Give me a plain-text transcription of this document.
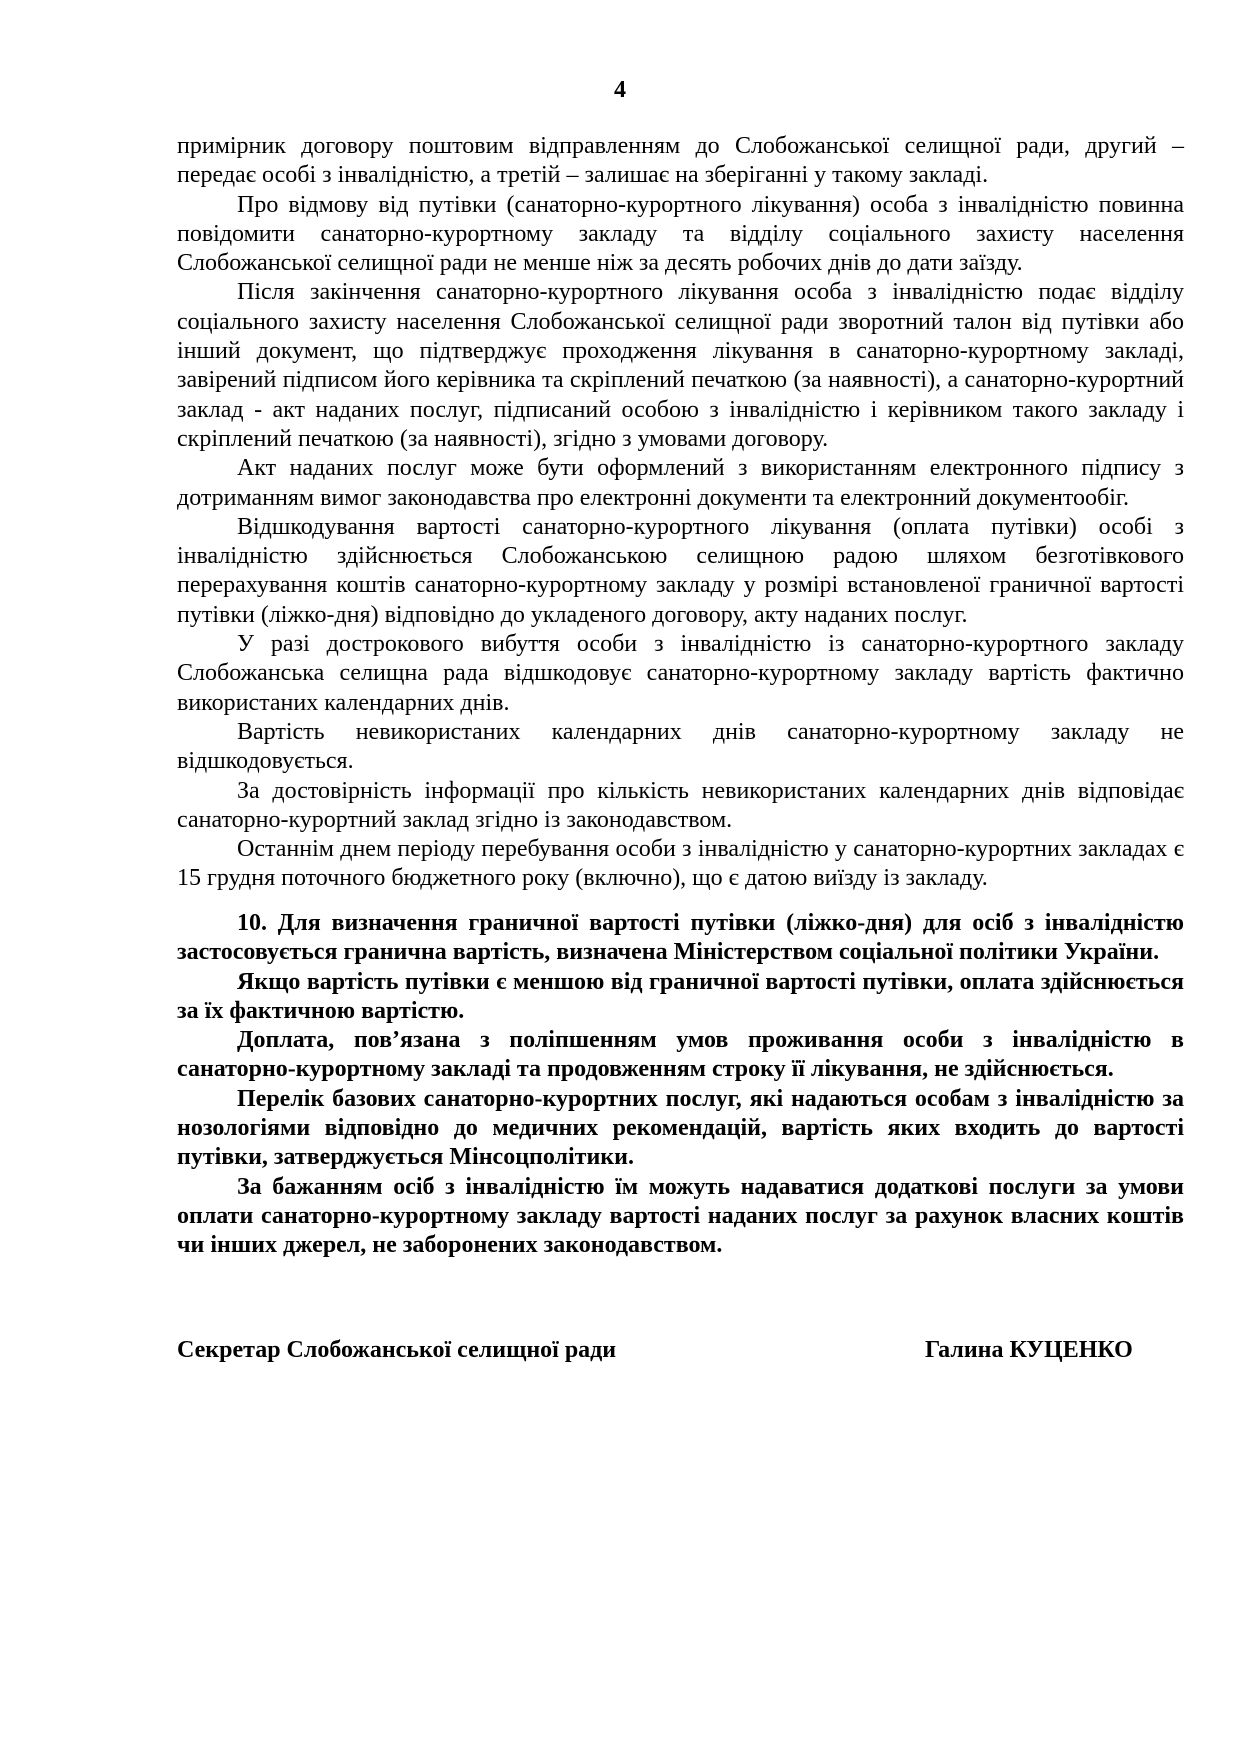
4

примірник договору поштовим відправленням до Слобожанської селищної ради, другий – передає особі з інвалідністю, а третій – залишає на зберіганні у такому закладі.

Про відмову від путівки (санаторно-курортного лікування) особа з інвалідністю повинна повідомити санаторно-курортному закладу та відділу соціального захисту населення Слобожанської селищної ради не менше ніж за десять робочих днів до дати заїзду.

Після закінчення санаторно-курортного лікування особа з інвалідністю подає відділу соціального захисту населення Слобожанської селищної ради зворотний талон від путівки або інший документ, що підтверджує проходження лікування в санаторно-курортному закладі, завірений підписом його керівника та скріплений печаткою (за наявності), а санаторно-курортний заклад - акт наданих послуг, підписаний особою з інвалідністю і керівником такого закладу і скріплений печаткою (за наявності), згідно з умовами договору.

Акт наданих послуг може бути оформлений з використанням електронного підпису з дотриманням вимог законодавства про електронні документи та електронний документообіг.

Відшкодування вартості санаторно-курортного лікування (оплата путівки) особі з інвалідністю здійснюється Слобожанською селищною радою шляхом безготівкового перерахування коштів санаторно-курортному закладу у розмірі встановленої граничної вартості путівки (ліжко-дня) відповідно до укладеного договору, акту наданих послуг.

У разі дострокового вибуття особи з інвалідністю із санаторно-курортного закладу Слобожанська селищна рада відшкодовує санаторно-курортному закладу вартість фактично використаних календарних днів.

Вартість невикористаних календарних днів санаторно-курортному закладу не відшкодовується.

За достовірність інформації про кількість невикористаних календарних днів відповідає санаторно-курортний заклад згідно із законодавством.

Останнім днем періоду перебування особи з інвалідністю у санаторно-курортних закладах є 15 грудня поточного бюджетного року (включно), що є датою виїзду із закладу.

10. Для визначення граничної вартості путівки (ліжко-дня) для осіб з інвалідністю застосовується гранична вартість, визначена Міністерством соціальної політики України.

Якщо вартість путівки є меншою від граничної вартості путівки, оплата здійснюється за їх фактичною вартістю.

Доплата, пов’язана з поліпшенням умов проживання особи з інвалідністю в санаторно-курортному закладі та продовженням строку її лікування, не здійснюється.

Перелік базових санаторно-курортних послуг, які надаються особам з інвалідністю за нозологіями відповідно до медичних рекомендацій, вартість яких входить до вартості путівки, затверджується Мінсоцполітики.

За бажанням осіб з інвалідністю їм можуть надаватися додаткові послуги за умови оплати санаторно-курортному закладу вартості наданих послуг за рахунок власних коштів чи інших джерел, не заборонених законодавством.

Секретар Слобожанської селищної ради	Галина КУЦЕНКО
